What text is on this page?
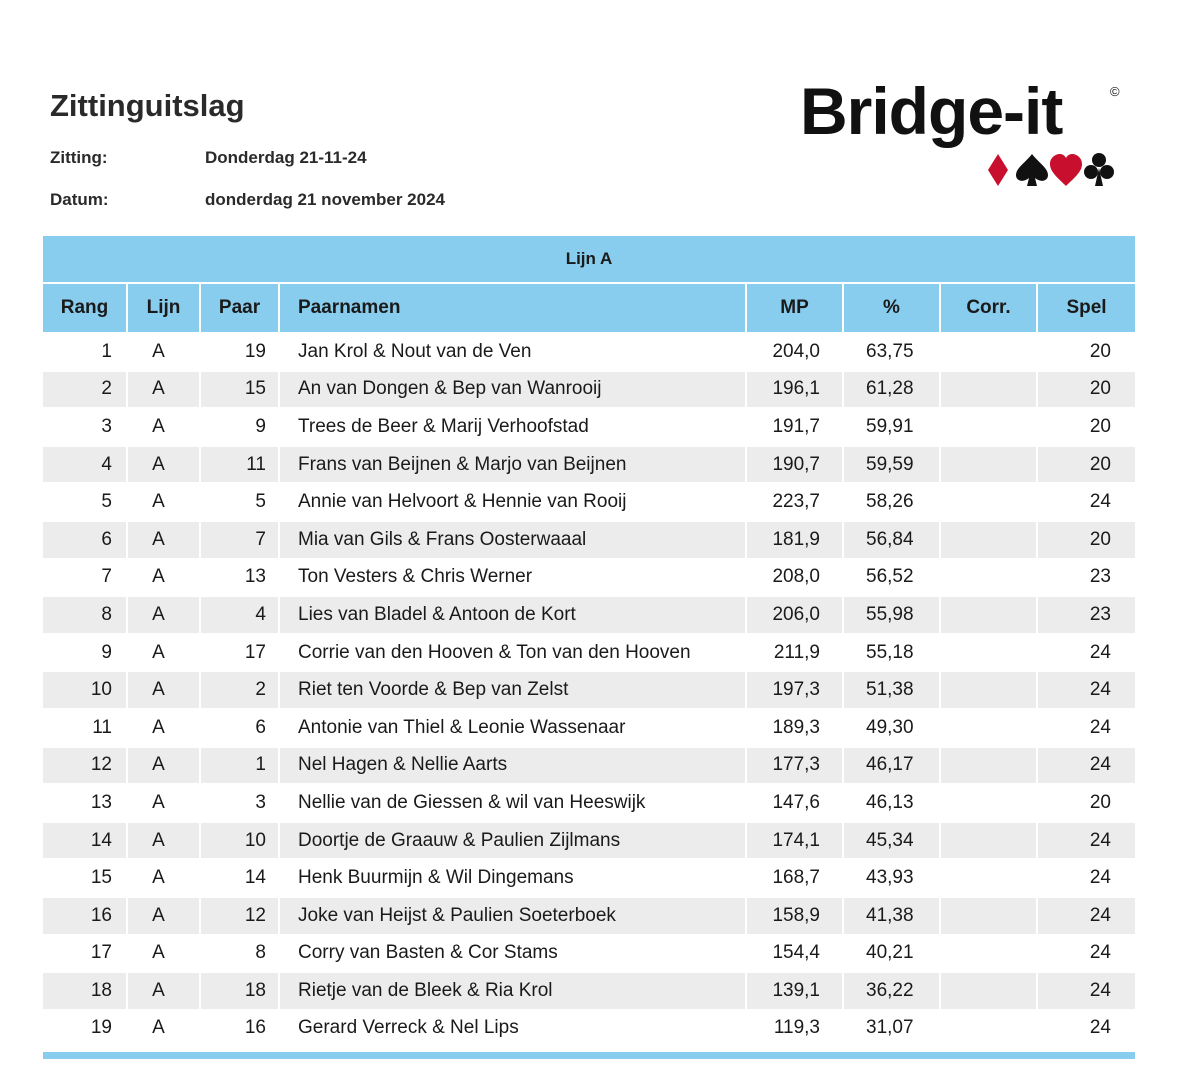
Zittinguitslag
Zitting:	Donderdag 21-11-24
Datum:	donderdag 21 november 2024
Bridge-it	©
Lijn A
Rang	Lijn	Paar	Paarnamen	MP	%	Corr.	Spel
1	A	19	Jan Krol & Nout van de Ven	204,0	63,75		20
2	A	15	An van Dongen & Bep van Wanrooij	196,1	61,28		20
3	A	9	Trees de Beer & Marij Verhoofstad	191,7	59,91		20
4	A	11	Frans van Beijnen & Marjo van Beijnen	190,7	59,59		20
5	A	5	Annie van Helvoort & Hennie van Rooij	223,7	58,26		24
6	A	7	Mia van Gils & Frans Oosterwaaal	181,9	56,84		20
7	A	13	Ton Vesters & Chris Werner	208,0	56,52		23
8	A	4	Lies van Bladel & Antoon de Kort	206,0	55,98		23
9	A	17	Corrie van den Hooven & Ton van den Hooven	211,9	55,18		24
10	A	2	Riet ten Voorde & Bep van Zelst	197,3	51,38		24
11	A	6	Antonie van Thiel & Leonie Wassenaar	189,3	49,30		24
12	A	1	Nel Hagen & Nellie Aarts	177,3	46,17		24
13	A	3	Nellie van de Giessen & wil van Heeswijk	147,6	46,13		20
14	A	10	Doortje de Graauw & Paulien Zijlmans	174,1	45,34		24
15	A	14	Henk Buurmijn & Wil Dingemans	168,7	43,93		24
16	A	12	Joke van Heijst & Paulien Soeterboek	158,9	41,38		24
17	A	8	Corry van Basten & Cor Stams	154,4	40,21		24
18	A	18	Rietje van de Bleek & Ria Krol	139,1	36,22		24
19	A	16	Gerard Verreck & Nel Lips	119,3	31,07		24
